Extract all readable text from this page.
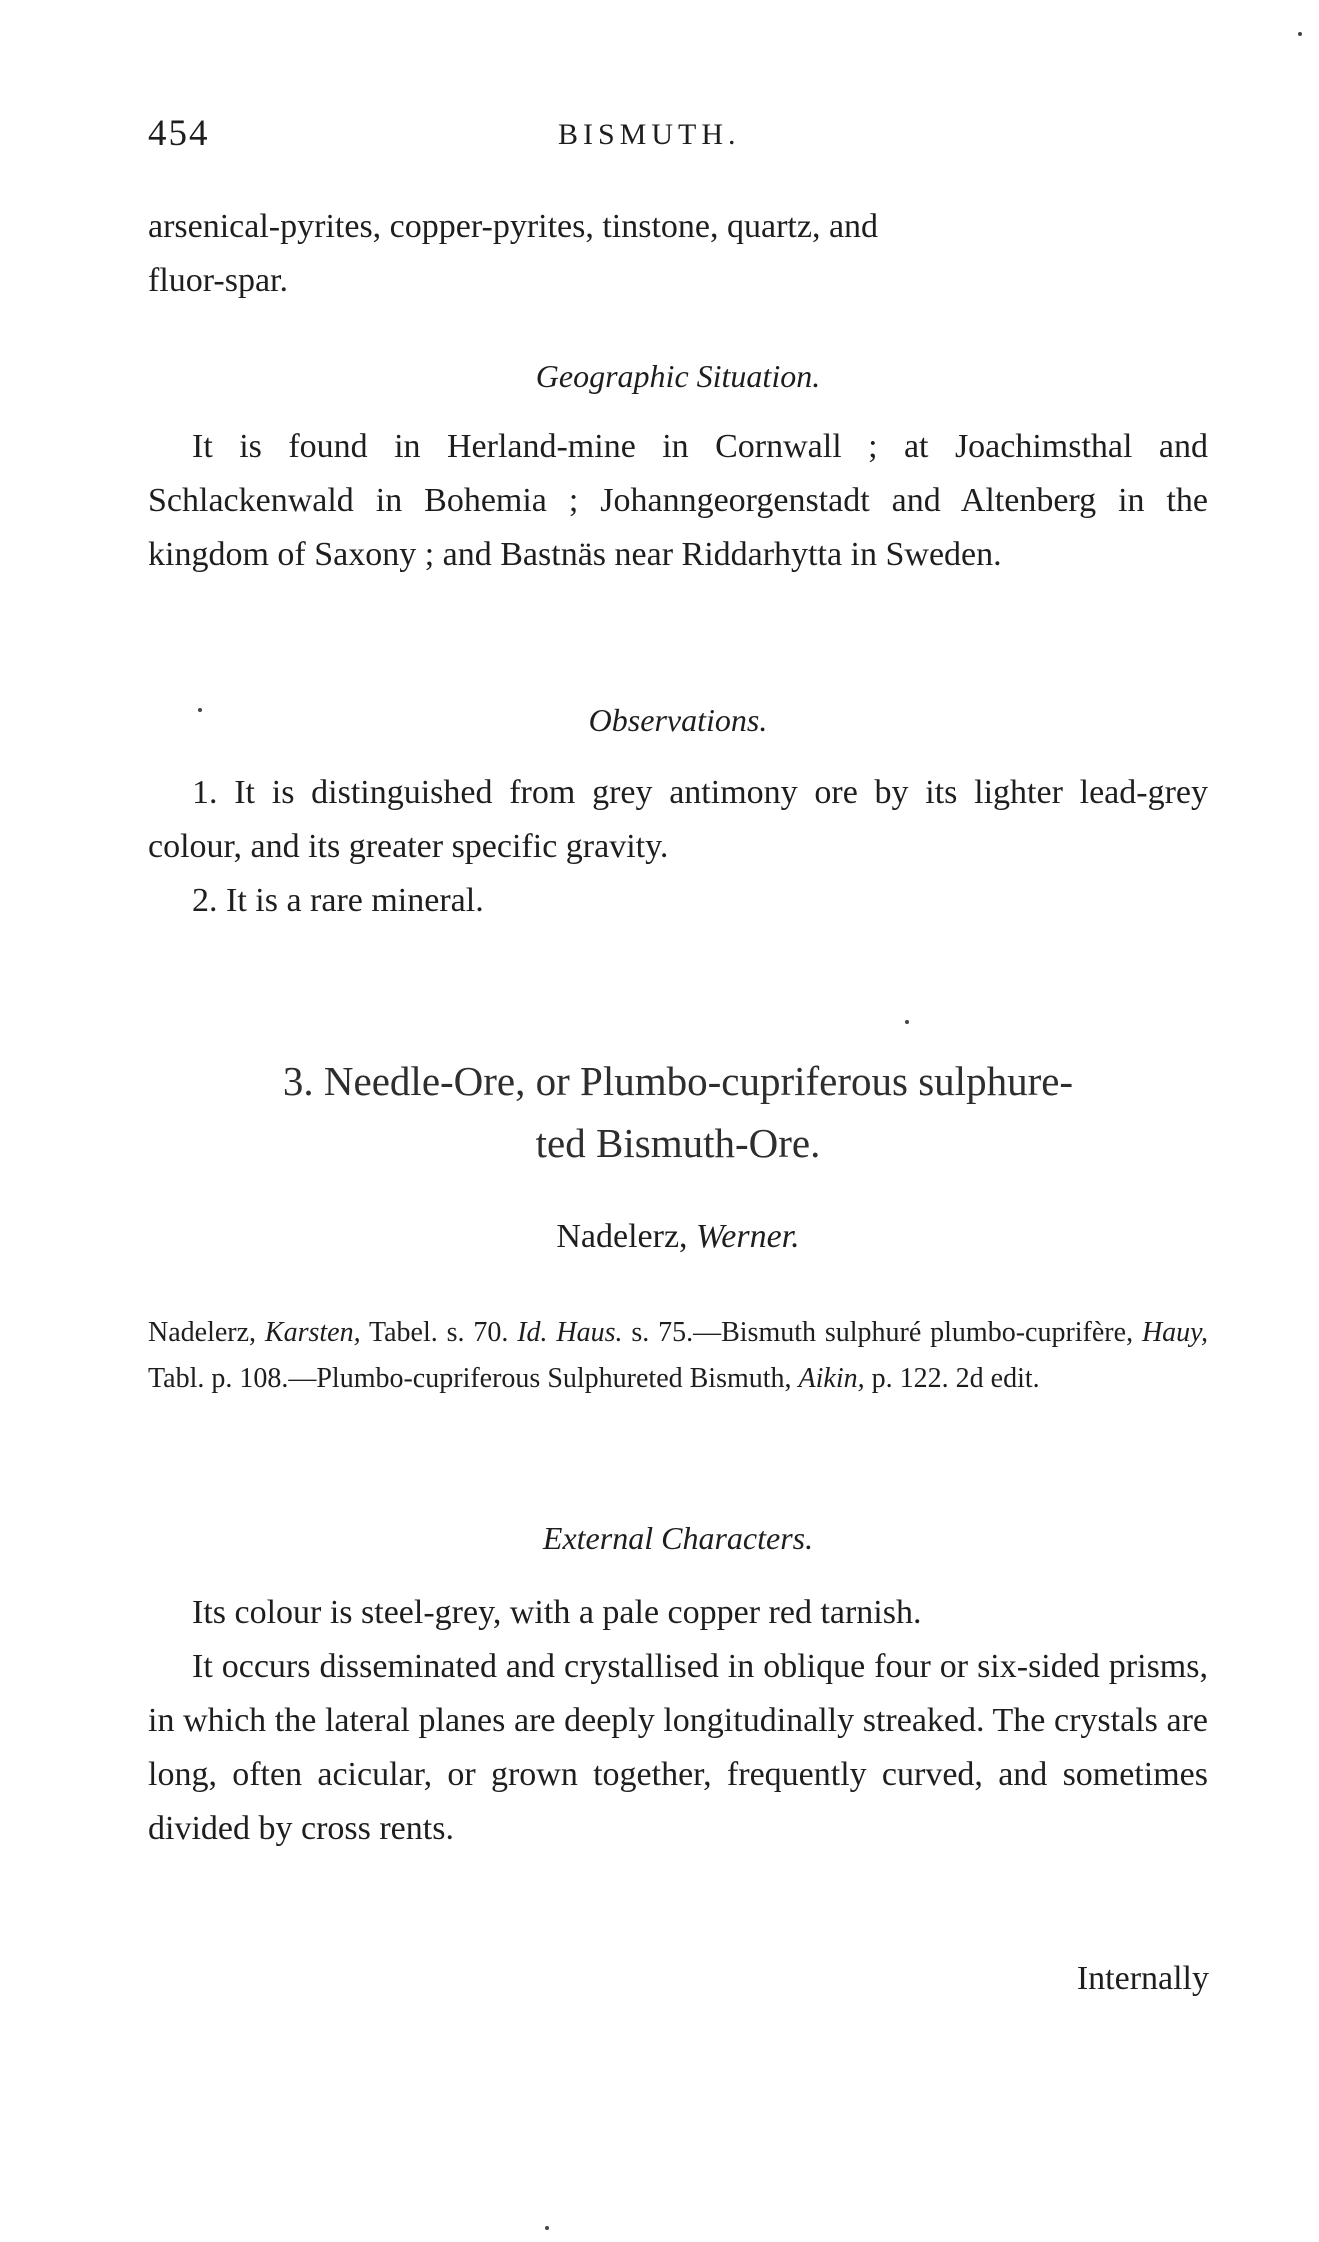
454	BISMUTH.
arsenical-pyrites, copper-pyrites, tinstone, quartz, and
fluor-spar.
Geographic Situation.
It is found in Herland-mine in Cornwall ; at Joachimsthal and Schlackenwald in Bohemia ; Johanngeorgenstadt and Altenberg in the kingdom of Saxony ; and Bastnäs near Riddarhytta in Sweden.
Observations.
1. It is distinguished from grey antimony ore by its lighter lead-grey colour, and its greater specific gravity.
2. It is a rare mineral.
3. Needle-Ore, or Plumbo-cupriferous sulphure-
ted Bismuth-Ore.
Nadelerz, Werner.
Nadelerz, Karsten, Tabel. s. 70. Id. Haus. s. 75.—Bismuth sulphuré plumbo-cuprifère, Hauy, Tabl. p. 108.—Plumbo-cupriferous Sulphureted Bismuth, Aikin, p. 122. 2d edit.
External Characters.
Its colour is steel-grey, with a pale copper red tarnish.
It occurs disseminated and crystallised in oblique four or six-sided prisms, in which the lateral planes are deeply longitudinally streaked. The crystals are long, often acicular, or grown together, frequently curved, and sometimes divided by cross rents.
Internally
